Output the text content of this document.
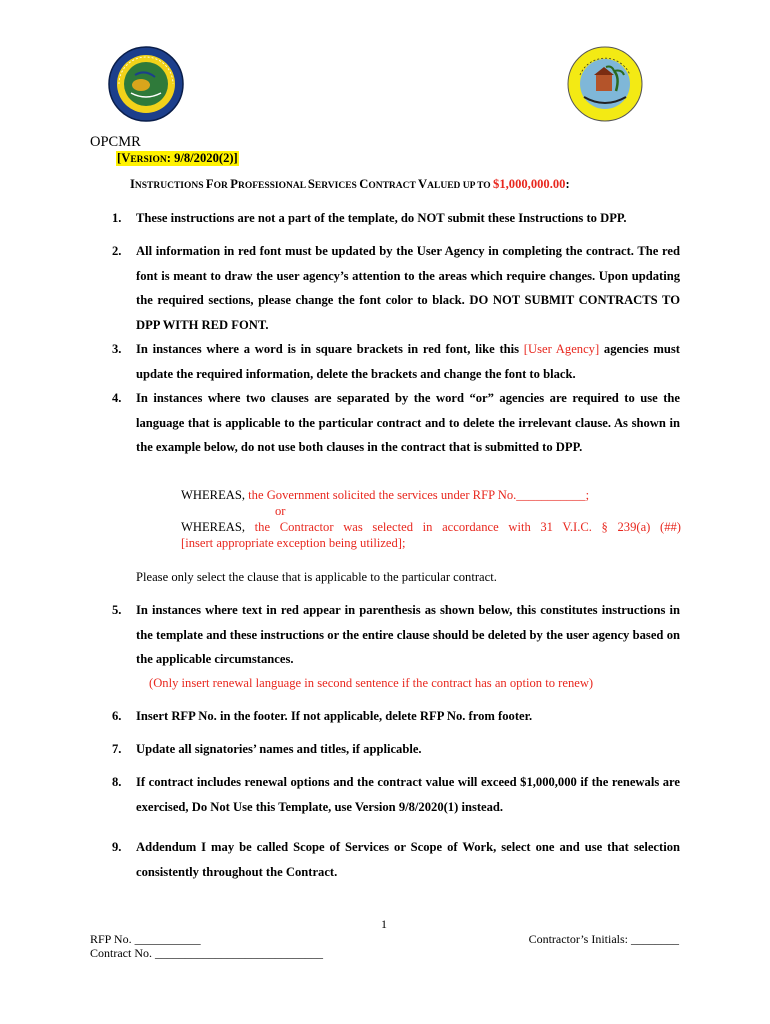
OPCMR
[VERSION: 9/8/2020(2)]
INSTRUCTIONS FOR PROFESSIONAL SERVICES CONTRACT VALUED UP TO $1,000,000.00:
1. These instructions are not a part of the template, do NOT submit these Instructions to DPP.
2. All information in red font must be updated by the User Agency in completing the contract. The red font is meant to draw the user agency’s attention to the areas which require changes. Upon updating the required sections, please change the font color to black. DO NOT SUBMIT CONTRACTS TO DPP WITH RED FONT.
3. In instances where a word is in square brackets in red font, like this [User Agency] agencies must update the required information, delete the brackets and change the font to black.
4. In instances where two clauses are separated by the word “or” agencies are required to use the language that is applicable to the particular contract and to delete the irrelevant clause. As shown in the example below, do not use both clauses in the contract that is submitted to DPP.
WHEREAS, the Government solicited the services under RFP No.___________;
or
WHEREAS, the Contractor was selected in accordance with 31 V.I.C. § 239(a) (##)
[insert appropriate exception being utilized];
Please only select the clause that is applicable to the particular contract.
5. In instances where text in red appear in parenthesis as shown below, this constitutes instructions in the template and these instructions or the entire clause should be deleted by the user agency based on the applicable circumstances.
(Only insert renewal language in second sentence if the contract has an option to renew)
6. Insert RFP No. in the footer. If not applicable, delete RFP No. from footer.
7. Update all signatories’ names and titles, if applicable.
8. If contract includes renewal options and the contract value will exceed $1,000,000 if the renewals are exercised, Do Not Use this Template, use Version 9/8/2020(1) instead.
9. Addendum I may be called Scope of Services or Scope of Work, select one and use that selection consistently throughout the Contract.
1
RFP No. ___________
Contract No. ____________________________
Contractor’s Initials: ________
